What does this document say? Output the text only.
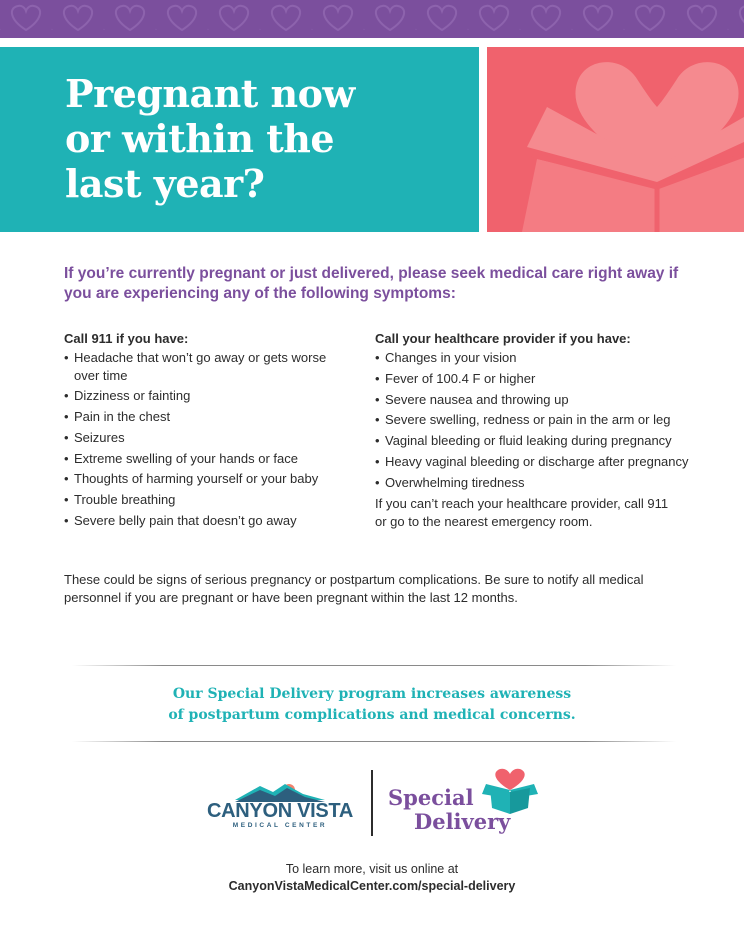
Pregnant now
or within the
last year?

If you’re currently pregnant or just delivered, please seek medical care right away if you are experiencing any of the following symptoms:

Call 911 if you have:

• Headache that won’t go away or gets worse over time
• Dizziness or fainting
• Pain in the chest
• Seizures
• Extreme swelling of your hands or face
• Thoughts of harming yourself or your baby
• Trouble breathing
• Severe belly pain that doesn’t go away

Call your healthcare provider if you have:

• Changes in your vision
• Fever of 100.4 F or higher
• Severe nausea and throwing up
• Severe swelling, redness or pain in the arm or leg
• Vaginal bleeding or fluid leaking during pregnancy
• Heavy vaginal bleeding or discharge after pregnancy
• Overwhelming tiredness

If you can’t reach your healthcare provider, call 911 or go to the nearest emergency room.

These could be signs of serious pregnancy or postpartum complications. Be sure to notify all medical personnel if you are pregnant or have been pregnant within the last 12 months.

Our Special Delivery program increases awareness
of postpartum complications and medical concerns.

CANYON VISTA
MEDICAL CENTER
Special
Delivery
To learn more, visit us online at
CanyonVistaMedicalCenter.com/special-delivery
